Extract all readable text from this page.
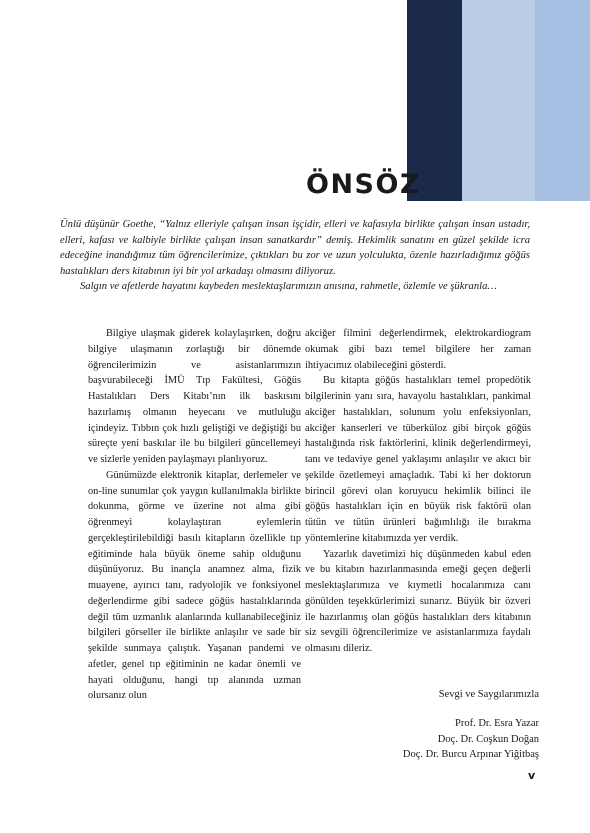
ÖNSÖZ

Ünlü düşünür Goethe, “Yalnız elleriyle çalışan insan işçidir, elleri ve kafasıyla birlikte çalışan insan ustadır, elleri, kafası ve kalbiyle birlikte çalışan insan sanatkardır” demiş. Hekimlik sanatını en güzel şekilde icra edeceğine inandığımız tüm öğrencilerimize, çıktıkları bu zor ve uzun yolculukta, özenle hazırladığımız göğüs hastalıkları ders kitabının iyi bir yol arkadaşı olmasını diliyoruz.

Salgın ve afetlerde hayatını kaybeden meslektaşlarımızın anısına, rahmetle, özlemle ve şükranla…

Bilgiye ulaşmak giderek kolaylaşırken, doğru bilgiye ulaşmanın zorlaştığı bir dönemde öğrencilerimizin ve asistanlarımızın başvurabileceği İMÜ Tıp Fakültesi, Göğüs Hastalıkları Ders Kitabı’nın ilk baskısını hazırlamış olmanın heyecanı ve mutluluğu içindeyiz. Tıbbın çok hızlı geliştiği ve değiştiği bu süreçte yeni baskılar ile bu bilgileri güncellemeyi ve sizlerle yeniden paylaşmayı planlıyoruz.

Günümüzde elektronik kitaplar, derlemeler ve on-line sunumlar çok yaygın kullanılmakla birlikte dokunma, görme ve üzerine not alma gibi öğrenmeyi kolaylaştıran eylemlerin gerçekleştirilebildiği basılı kitapların özellikle tıp eğitiminde hala büyük öneme sahip olduğunu düşünüyoruz. Bu inançla anamnez alma, fizik muayene, ayırıcı tanı, radyolojik ve fonksiyonel değerlendirme gibi sadece göğüs hastalıklarında değil tüm uzmanlık alanlarında kullanabileceğiniz bilgileri görseller ile birlikte anlaşılır ve sade bir şekilde sunmaya çalıştık. Yaşanan pandemi ve afetler, genel tıp eğitiminin ne kadar önemli ve hayati olduğunu, hangi tıp alanında uzman olursanız olun

akciğer filmini değerlendirmek, elektrokardiogram okumak gibi bazı temel bilgilere her zaman ihtiyacımız olabileceğini gösterdi.

Bu kitapta göğüs hastalıkları temel propedötik bilgilerinin yanı sıra, havayolu hastalıkları, pankimal akciğer hastalıkları, solunum yolu enfeksiyonları, akciğer kanserleri ve tüberküloz gibi birçok göğüs hastalığında risk faktörlerini, klinik değerlendirmeyi, tanı ve tedaviye genel yaklaşımı anlaşılır ve akıcı bir şekilde özetlemeyi amaçladık. Tabi ki her doktorun birincil görevi olan koruyucu hekimlik bilinci ile göğüs hastalıkları için en büyük risk faktörü olan tütün ve tütün ürünleri bağımlılığı ile bırakma yöntemlerine kitabımızda yer verdik.

Yazarlık davetimizi hiç düşünmeden kabul eden ve bu kitabın hazırlanmasında emeği geçen değerli meslektaşlarımıza ve kıymetli hocalarımıza canı gönülden teşekkürlerimizi sunarız. Büyük bir özveri ile hazırlanmış olan göğüs hastalıkları ders kitabının siz sevgili öğrencilerimize ve asistanlarımıza faydalı olmasını dileriz.

Sevgi ve Saygılarımızla
Prof. Dr. Esra Yazar
Doç. Dr. Coşkun Doğan
Doç. Dr. Burcu Arpınar Yiğitbaş
v
